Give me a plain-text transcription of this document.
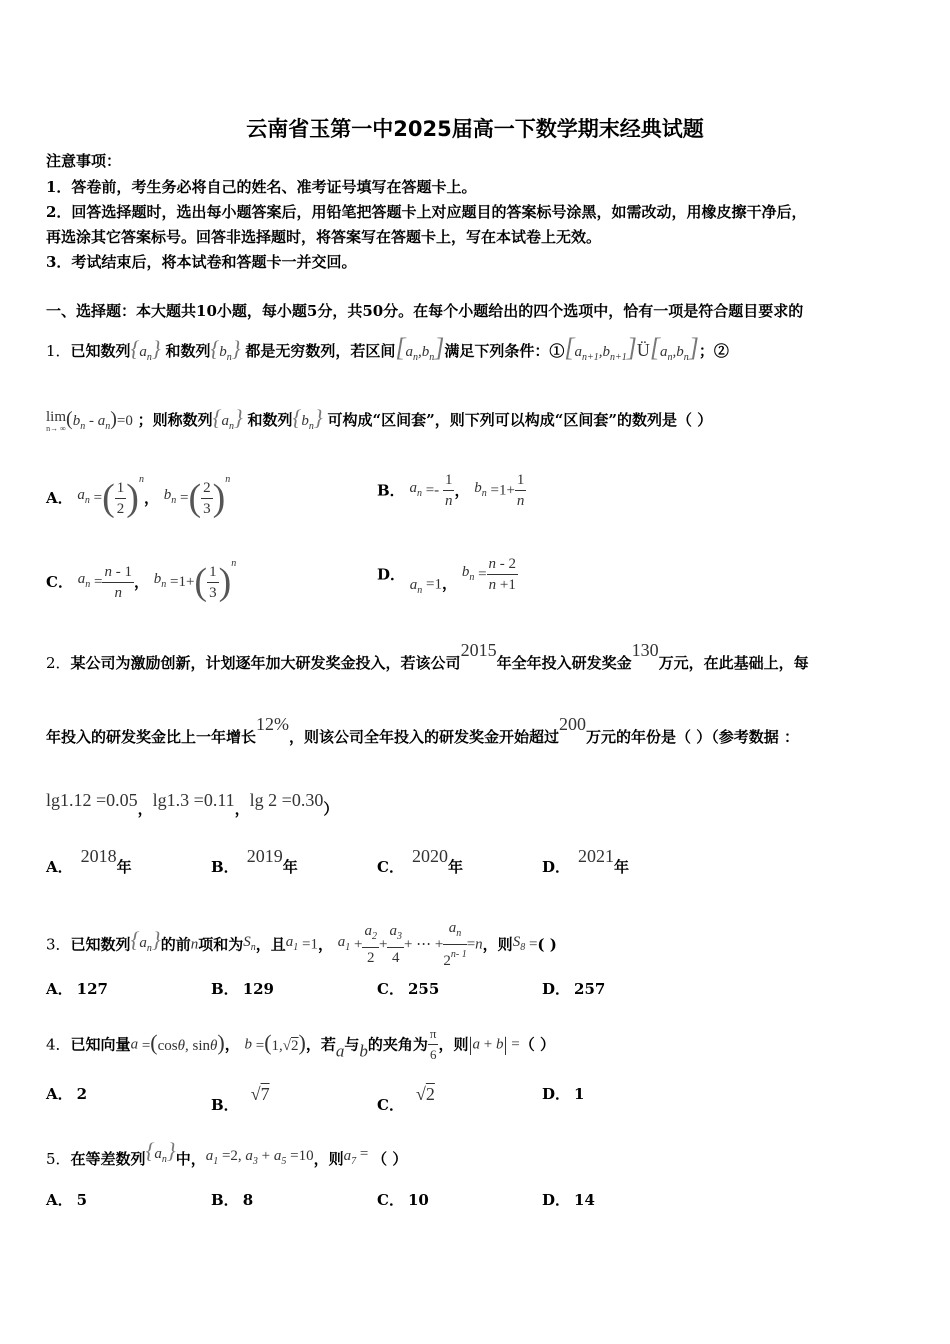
云南省玉第一中2025届高一下数学期末经典试题
注意事项：
1．答卷前，考生务必将自己的姓名、准考证号填写在答题卡上。
2．回答选择题时，选出每小题答案后，用铅笔把答题卡上对应题目的答案标号涂黑，如需改动，用橡皮擦干净后，
再选涂其它答案标号。回答非选择题时，将答案写在答题卡上，写在本试卷上无效。
3．考试结束后，将本试卷和答题卡一并交回。
一、选择题：本大题共10小题，每小题5分，共50分。在每个小题给出的四个选项中，恰有一项是符合题目要求的
1．已知数列$\{a_n\}$ 和数列$\{b_n\}$ 都是无穷数列，若区间$[a_n,b_n]$满足下列条件：$①[a_{n+1},b_{n+1}]Ü[a_n,b_n]$；②
lim
n→ ∞ $(b_n - a_n)=0$ ；则称数列$\{a_n\}$ 和数列$\{b_n\}$ 可构成“区间套”，则下列可以构成“区间套”的数列是（ ）
A． $a_n$ =( $\frac{1}{2} )^n$， $b_n$ =( $\frac{2}{3} )^n$
B． $a_n =- \frac{1}{n}$ ， $b_n =1+ \frac{1}{n}$
C． $a_n = \frac{n - 1}{n}$ ， $b_n =1+( \frac{1}{3} )^n$
D． $a_n =1$， $b_n = \frac{n - 2}{n +1}$
2．某公司为激励创新，计划逐年加大研发奖金投入，若该公司2015年全年投入研发奖金130万元，在此基础上，每
年投入的研发奖金比上一年增长12%，则该公司全年投入的研发奖金开始超过200万元的年份是（ ）（参考数据 ：
lg1.12 =0.05，lg1.3 =0.11，lg 2 =0.30）
A．2018年	B．2019年	C．2020年	D．2021年
3．已知数列$\{a_n\}$的前n项和为$S_n$，且$a_1 =1$， $a_1 + \frac{a_2}{2} + \frac{a_3}{4}$ + ⋯ + $\frac{a_n}{2^{n- 1}} =n$，则$S_8$ =( )
A． 127	B． 129	C． 255	D． 257
4．已知向量a =(cosθ, sinθ)， b =(1,√2)，若a与b的夹角为 $\frac{\pi}{6}$ ，则|a + b| =（ ）
A． 2
B．√7
C．√2	D． 1
5．在等差数列$\{a_n\}$中，$a_1 =2$, $a_3 + a_5 =10$，则$a_7$ = （ ）
A． 5	B． 8	C． 10	D． 14
